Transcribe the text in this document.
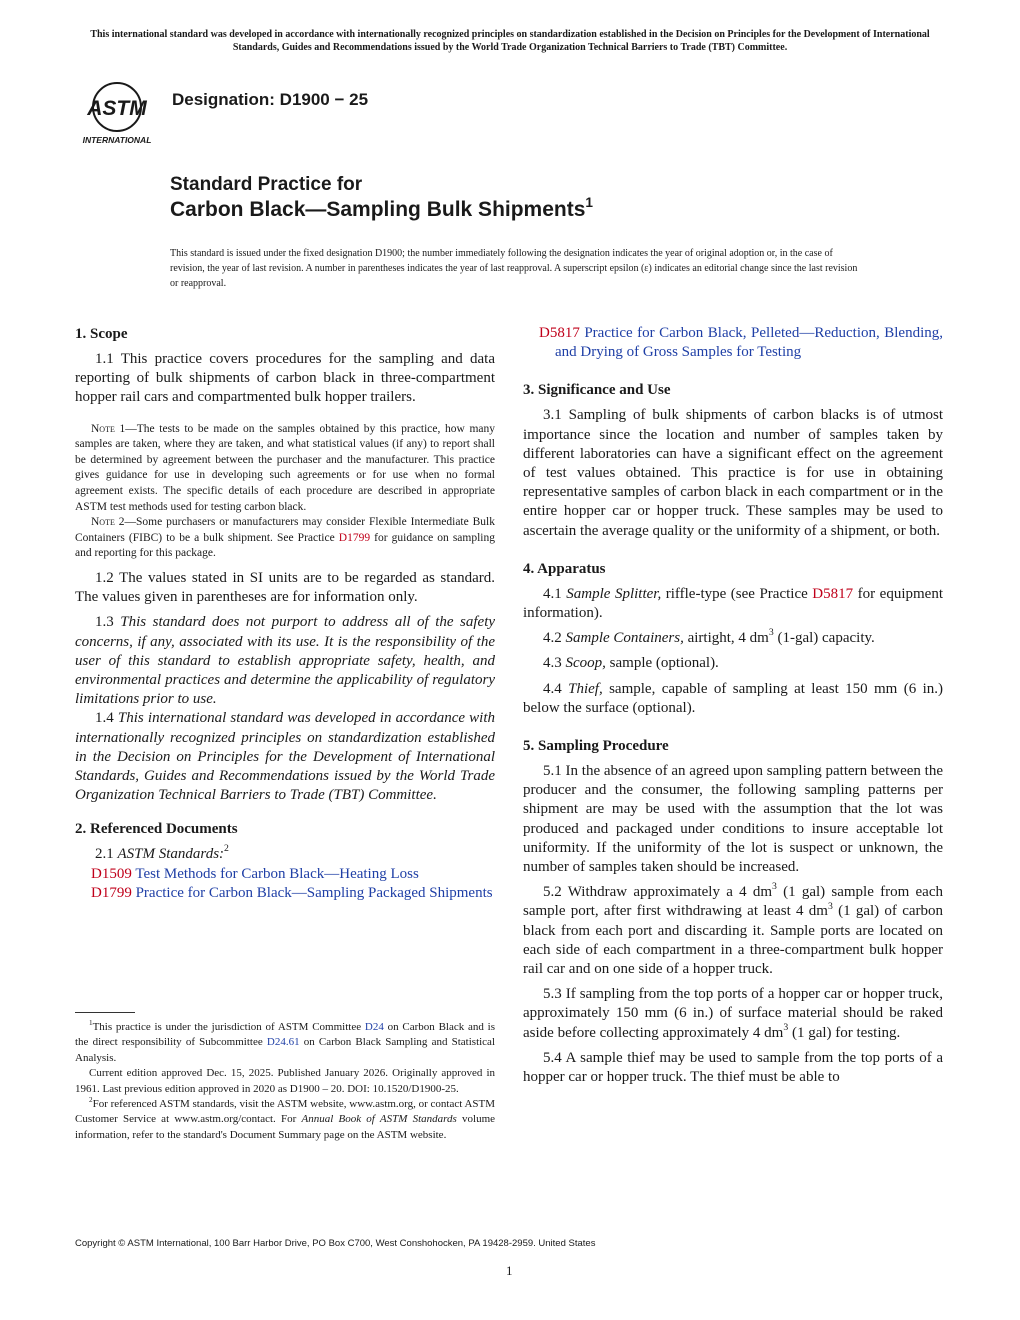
This international standard was developed in accordance with internationally recognized principles on standardization established in the Decision on Principles for the Development of International Standards, Guides and Recommendations issued by the World Trade Organization Technical Barriers to Trade (TBT) Committee.
ASTM
INTERNATIONAL
Designation: D1900 − 25
Standard Practice for
Carbon Black—Sampling Bulk Shipments$^1$
This standard is issued under the fixed designation D1900; the number immediately following the designation indicates the year of original adoption or, in the case of revision, the year of last revision. A number in parentheses indicates the year of last reapproval. A superscript epsilon (ε) indicates an editorial change since the last revision or reapproval.

1. Scope

1.1 This practice covers procedures for the sampling and data reporting of bulk shipments of carbon black in three-compartment hopper rail cars and compartmented bulk hopper trailers.

Note 1—The tests to be made on the samples obtained by this practice, how many samples are taken, where they are taken, and what statistical values (if any) to report shall be determined by agreement between the purchaser and the manufacturer. This practice gives guidance for use in developing such agreements or for use when no formal agreement exists. The specific details of each procedure are described in appropriate ASTM test methods used for testing carbon black.

Note 2—Some purchasers or manufacturers may consider Flexible Intermediate Bulk Containers (FIBC) to be a bulk shipment. See Practice D1799 for guidance on sampling and reporting for this package.

1.2 The values stated in SI units are to be regarded as standard. The values given in parentheses are for information only.

1.3 This standard does not purport to address all of the safety concerns, if any, associated with its use. It is the responsibility of the user of this standard to establish appropriate safety, health, and environmental practices and determine the applicability of regulatory limitations prior to use.

1.4 This international standard was developed in accordance with internationally recognized principles on standardization established in the Decision on Principles for the Development of International Standards, Guides and Recommendations issued by the World Trade Organization Technical Barriers to Trade (TBT) Committee.

2. Referenced Documents

2.1 ASTM Standards:$^2$

D1509 Test Methods for Carbon Black—Heating Loss

D1799 Practice for Carbon Black—Sampling Packaged Shipments

D5817 Practice for Carbon Black, Pelleted—Reduction, Blending, and Drying of Gross Samples for Testing

3. Significance and Use

3.1 Sampling of bulk shipments of carbon blacks is of utmost importance since the location and number of samples taken by different laboratories can have a significant effect on the agreement of test values obtained. This practice is for use in obtaining representative samples of carbon black in each compartment or in the entire hopper car or hopper truck. These samples may be used to ascertain the average quality or the uniformity of a shipment, or both.

4. Apparatus

4.1 Sample Splitter, riffle-type (see Practice D5817 for equipment information).

4.2 Sample Containers, airtight, 4 $dm^3$ (1-gal) capacity.

4.3 Scoop, sample (optional).

4.4 Thief, sample, capable of sampling at least 150 mm (6 in.) below the surface (optional).

5. Sampling Procedure

5.1 In the absence of an agreed upon sampling pattern between the producer and the consumer, the following sampling patterns per shipment are may be used with the assumption that the lot was produced and packaged under conditions to insure acceptable lot uniformity. If the uniformity of the lot is suspect or unknown, the number of samples taken should be increased.

5.2 Withdraw approximately a 4 $dm^3$ (1 gal) sample from each sample port, after first withdrawing at least 4 $dm^3$ (1 gal) of carbon black from each port and discarding it. Sample ports are located on each side of each compartment in a three-compartment bulk hopper rail car and on one side of a hopper truck.

5.3 If sampling from the top ports of a hopper car or hopper truck, approximately 150 mm (6 in.) of surface material should be raked aside before collecting approximately 4 $dm^3$ (1 gal) for testing.

5.4 A sample thief may be used to sample from the top ports of a hopper car or hopper truck. The thief must be able to

$^1$This practice is under the jurisdiction of ASTM Committee D24 on Carbon Black and is the direct responsibility of Subcommittee D24.61 on Carbon Black Sampling and Statistical Analysis.

Current edition approved Dec. 15, 2025. Published January 2026. Originally approved in 1961. Last previous edition approved in 2020 as D1900 – 20. DOI: 10.1520/D1900-25.

$^2$For referenced ASTM standards, visit the ASTM website, www.astm.org, or contact ASTM Customer Service at www.astm.org/contact. For Annual Book of ASTM Standards volume information, refer to the standard's Document Summary page on the ASTM website.

Copyright © ASTM International, 100 Barr Harbor Drive, PO Box C700, West Conshohocken, PA 19428-2959. United States
1
